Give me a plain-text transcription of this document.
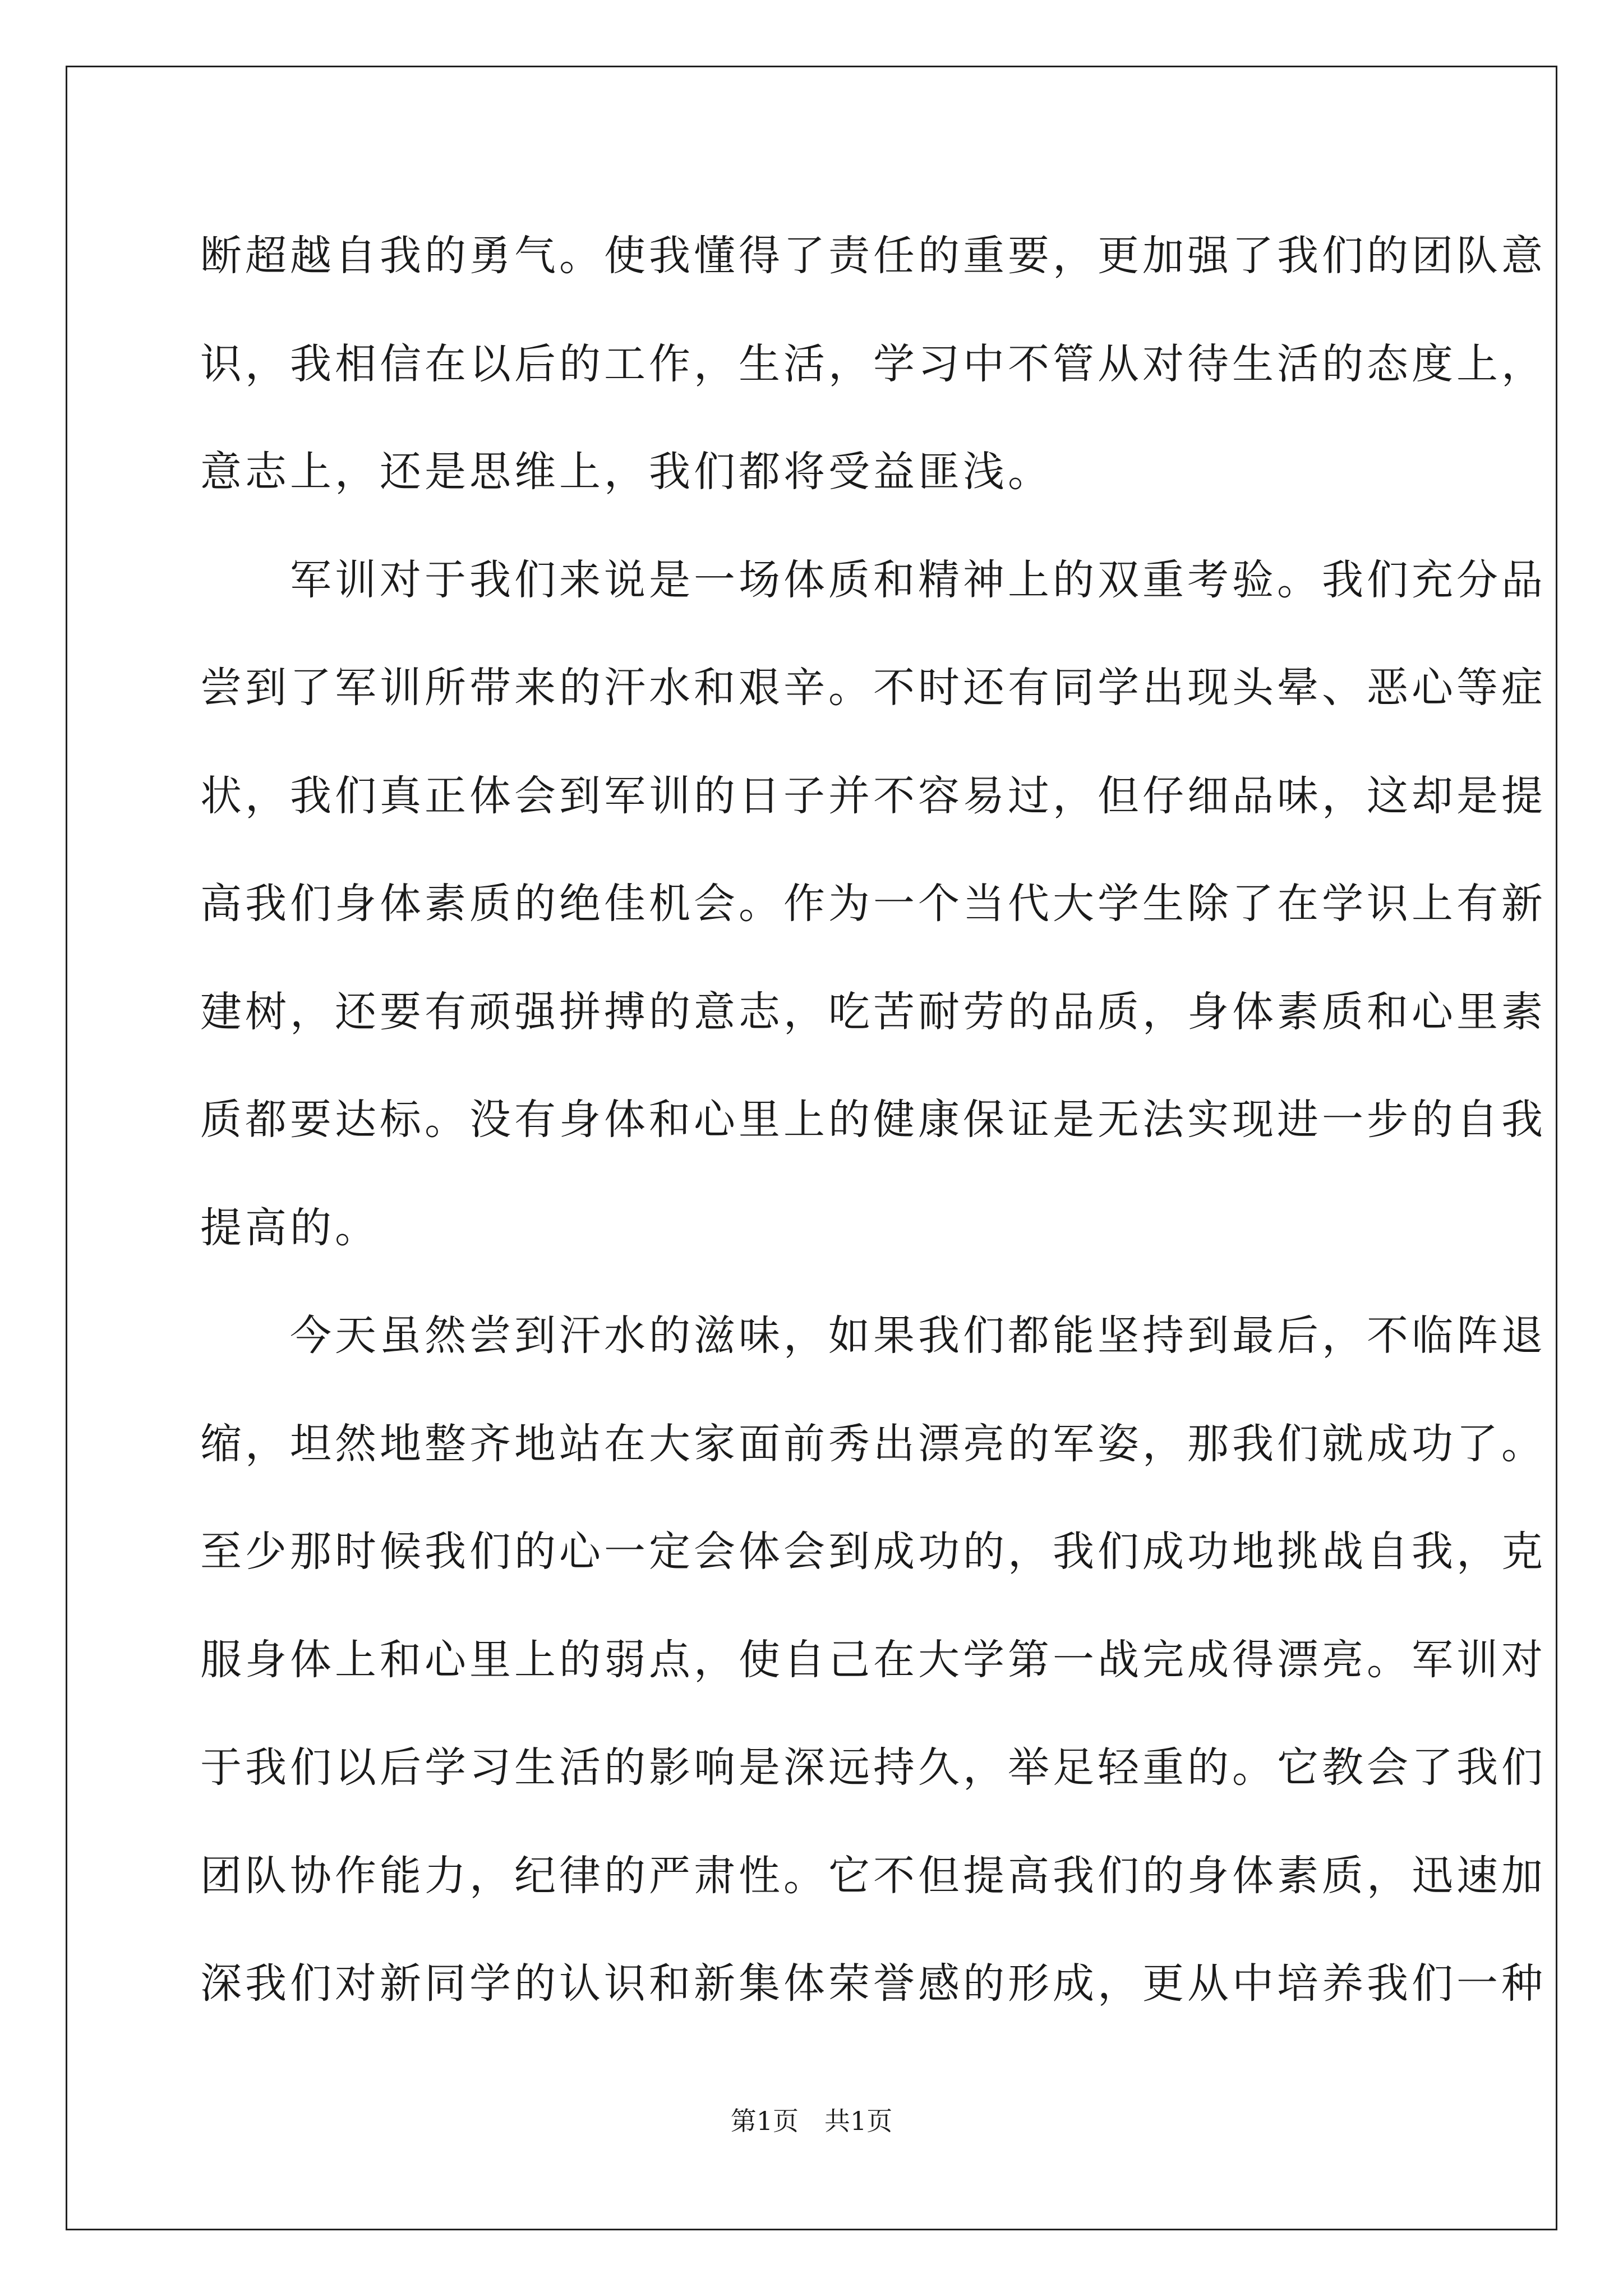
断超越自我的勇气。使我懂得了责任的重要，更加强了我们的团队意
识，我相信在以后的工作，生活，学习中不管从对待生活的态度上，
意志上，还是思维上，我们都将受益匪浅。
　　军训对于我们来说是一场体质和精神上的双重考验。我们充分品
尝到了军训所带来的汗水和艰辛。不时还有同学出现头晕、恶心等症
状，我们真正体会到军训的日子并不容易过，但仔细品味，这却是提
高我们身体素质的绝佳机会。作为一个当代大学生除了在学识上有新
建树，还要有顽强拼搏的意志，吃苦耐劳的品质，身体素质和心里素
质都要达标。没有身体和心里上的健康保证是无法实现进一步的自我
提高的。
　　今天虽然尝到汗水的滋味，如果我们都能坚持到最后，不临阵退
缩，坦然地整齐地站在大家面前秀出漂亮的军姿，那我们就成功了。
至少那时候我们的心一定会体会到成功的，我们成功地挑战自我，克
服身体上和心里上的弱点，使自己在大学第一战完成得漂亮。军训对
于我们以后学习生活的影响是深远持久，举足轻重的。它教会了我们
团队协作能力，纪律的严肃性。它不但提高我们的身体素质，迅速加
深我们对新同学的认识和新集体荣誉感的形成，更从中培养我们一种
第1页　共1页
